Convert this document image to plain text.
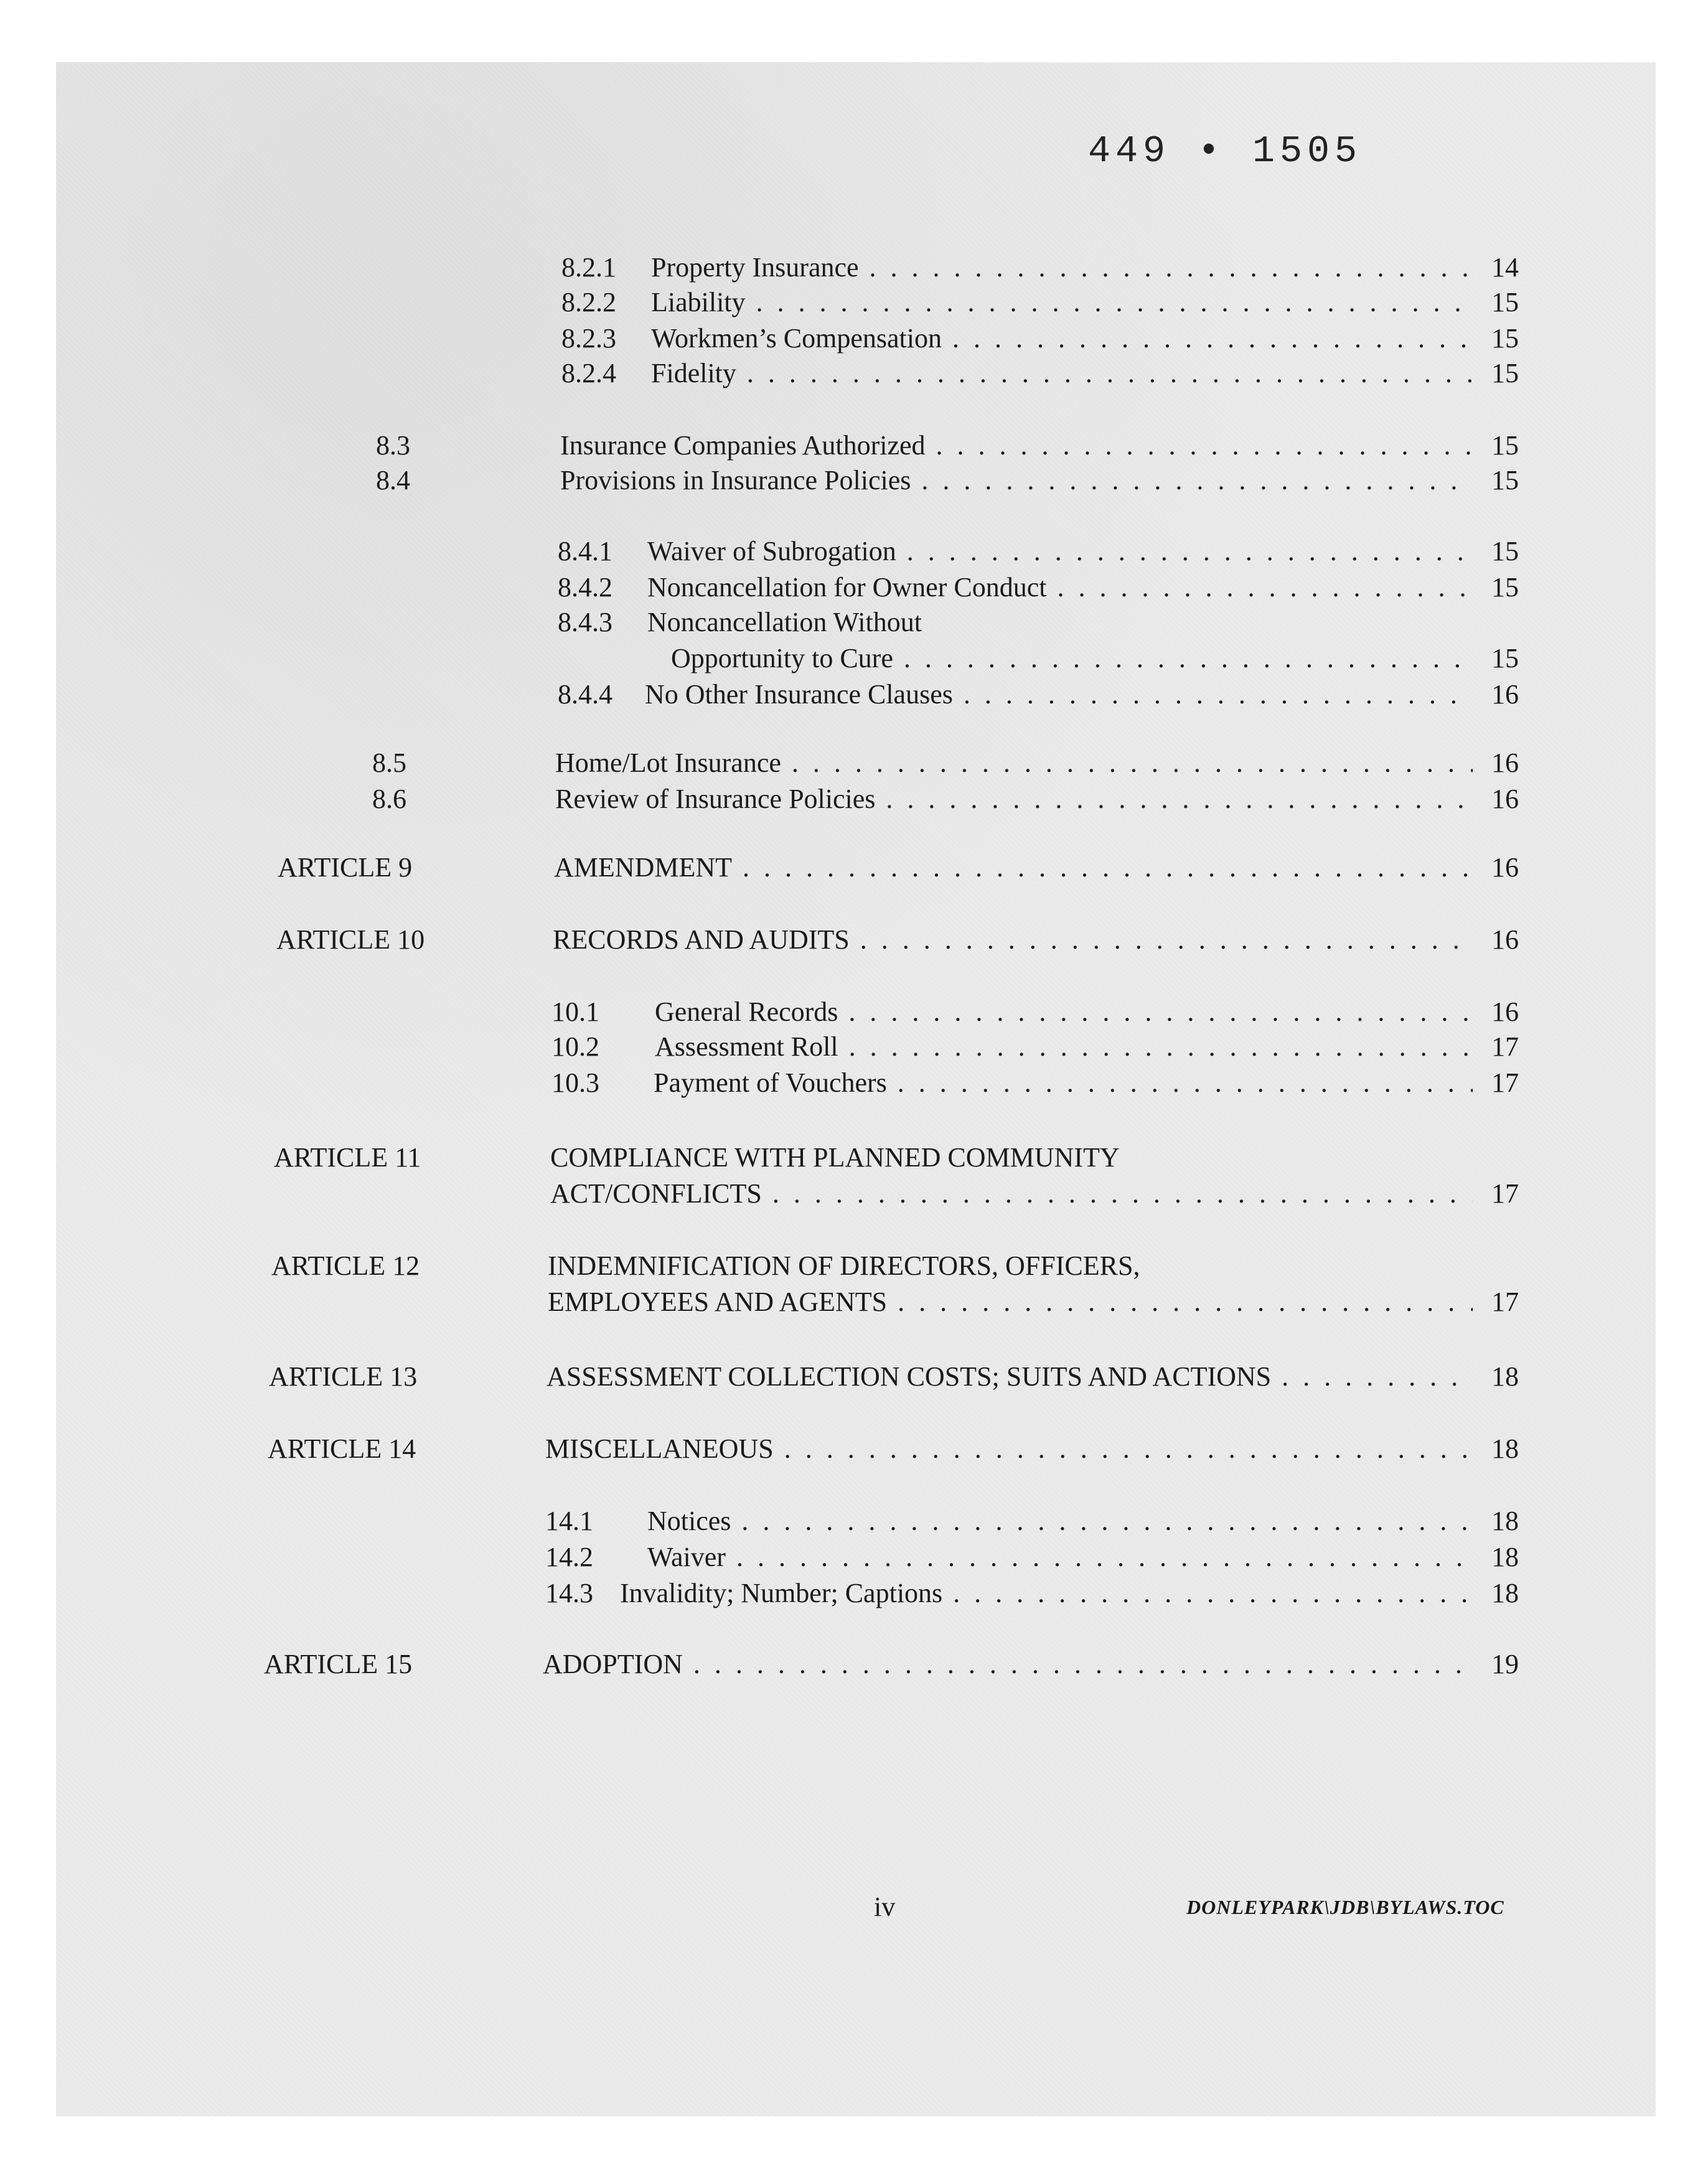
449 • 1505

8.2.1 Property Insurance . . .	14
8.2.2 Liability . . .	15
8.2.3 Workmen’s Compensation . . .	15
8.2.4 Fidelity . . .	15
8.3	Insurance Companies Authorized . . .	15
8.4	Provisions in Insurance Policies . . .	15
8.4.1 Waiver of Subrogation . . .	15
8.4.2 Noncancellation for Owner Conduct . . .	15
8.4.3 Noncancellation Without
Opportunity to Cure . . .	15
8.4.4 No Other Insurance Clauses . . .	16
8.5	Home/Lot Insurance . . .	16
8.6	Review of Insurance Policies . . .	16
ARTICLE 9	AMENDMENT . . .	16
ARTICLE 10	RECORDS AND AUDITS . . .	16
10.1 General Records . . .	16
10.2 Assessment Roll . . .	17
10.3 Payment of Vouchers . . .	17
ARTICLE 11	COMPLIANCE WITH PLANNED COMMUNITY
ACT/CONFLICTS . . .	17
ARTICLE 12	INDEMNIFICATION OF DIRECTORS, OFFICERS,
EMPLOYEES AND AGENTS . . .	17
ARTICLE 13	ASSESSMENT COLLECTION COSTS; SUITS AND ACTIONS . . .	18
ARTICLE 14	MISCELLANEOUS . . .	18
14.1 Notices . . .	18
14.2 Waiver . . .	18
14.3 Invalidity; Number; Captions . . .	18
ARTICLE 15	ADOPTION . . .	19

iv	DONLEYPARK\JDB\BYLAWS.TOC
